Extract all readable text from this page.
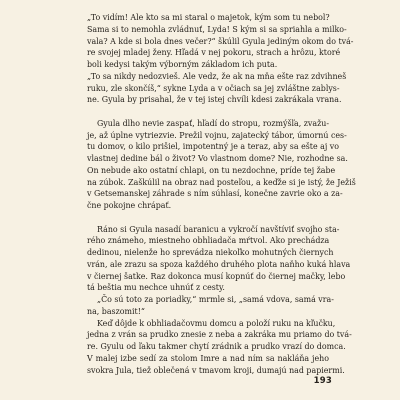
„To vidím! Ale kto sa mi staral o majetok, kým som tu nebol?
Sama si to nemohla zvládnuť, Lyda! S kým si sa spriahla a milko-
vala? A kde si bola dnes večer?“ škúlil Gyula jediným okom do tvá-
re svojej mladej ženy. Hľadá v nej pokoru, strach a hrôzu, ktoré
boli kedysi takým výborným základom ich puta.
„To sa nikdy nedozvieš. Ale vedz, že ak na mňa ešte raz zdvihneš
ruku, zle skončíš,“ sykne Lyda a v očiach sa jej zvláštne zablys-
ne. Gyula by prisahal, že v tej istej chvíli kdesi zakrákala vrana.
Gyula dlho nevie zaspať, hľadí do stropu, rozmýšľa, zvažu-
je, až úplne vytriezvie. Prežil vojnu, zajatecký tábor, úmornú ces-
tu domov, o kilo prišiel, impotentný je a teraz, aby sa ešte aj vo
vlastnej dedine bál o život? Vo vlastnom dome? Nie, rozhodne sa.
On nebude ako ostatní chlapi, on tu nezdochne, príde tej žabe
na zúbok. Zaškúlil na obraz nad posteľou, a keďže si je istý, že Ježiš
v Getsemanskej záhrade s ním súhlasí, konečne zavrie oko a za-
čne pokojne chrápať.
Ráno si Gyula nasadí baranicu a vykročí navštíviť svojho sta-
rého známeho, miestneho obhliadača mŕtvol. Ako prechádza
dedinou, nielenže ho sprevádza niekoľko mohutných čiernych
vrán, ale zrazu sa spoza každého druhého plota naňho kuká hlava
v čiernej šatke. Raz dokonca musí kopnúť do čiernej mačky, lebo
tá beštia mu nechce uhnúť z cesty.
„Čo sú toto za poriadky,“ mrmle si, „samá vdova, samá vra-
na, baszomit!“
Keď dôjde k obhliadačovmu domcu a položí ruku na kľučku,
jedna z vrán sa prudko znesie z neba a zakráka mu priamo do tvá-
re. Gyulu od ľaku takmer chytí zrádnik a prudko vrazí do domca.
V malej izbe sedí za stolom Imre a nad ním sa nakláňa jeho
svokra Jula, tiež oblečená v tmavom kroji, dumajú nad papiermi.
193
